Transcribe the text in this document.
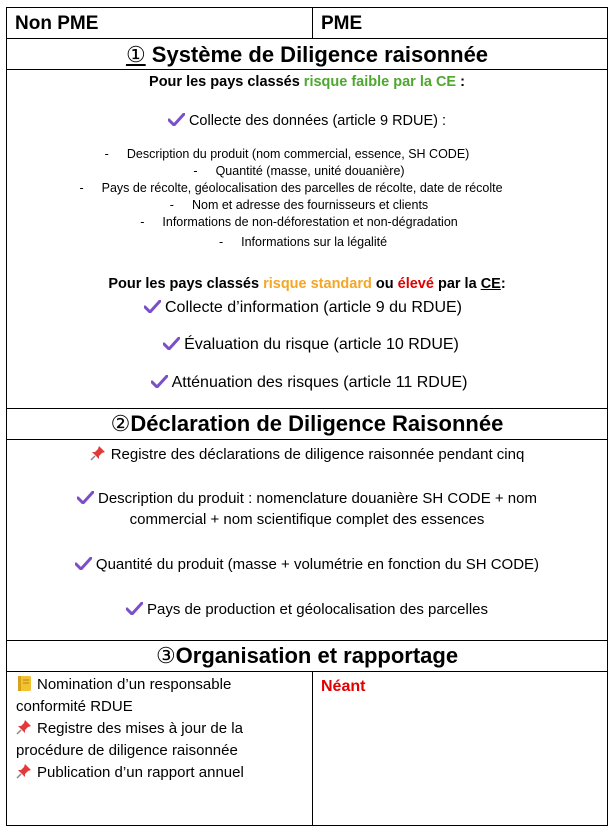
Non PME	PME
① Système de Diligence raisonnée
Pour les pays classés risque faible par la CE :
Collecte des données (article 9 RDUE) :
- Description du produit (nom commercial, essence, SH CODE)
- Quantité (masse, unité douanière)
- Pays de récolte, géolocalisation des parcelles de récolte, date de récolte
- Nom et adresse des fournisseurs et clients
- Informations de non-déforestation et non-dégradation
- Informations sur la légalité
Pour les pays classés risque standard ou élevé par la CE:
Collecte d’information (article 9 du RDUE)
Évaluation du risque (article 10 RDUE)
Atténuation des risques (article 11 RDUE)
②Déclaration de Diligence Raisonnée
Registre des déclarations de diligence raisonnée pendant cinq
Description du produit : nomenclature douanière SH CODE + nom
commercial + nom scientifique complet des essences
Quantité du produit (masse + volumétrie en fonction du SH CODE)
Pays de production et géolocalisation des parcelles
③Organisation et rapportage
Nomination d’un responsable
conformité RDUE
Registre des mises à jour de la
procédure de diligence raisonnée
Publication d’un rapport annuel
Néant
